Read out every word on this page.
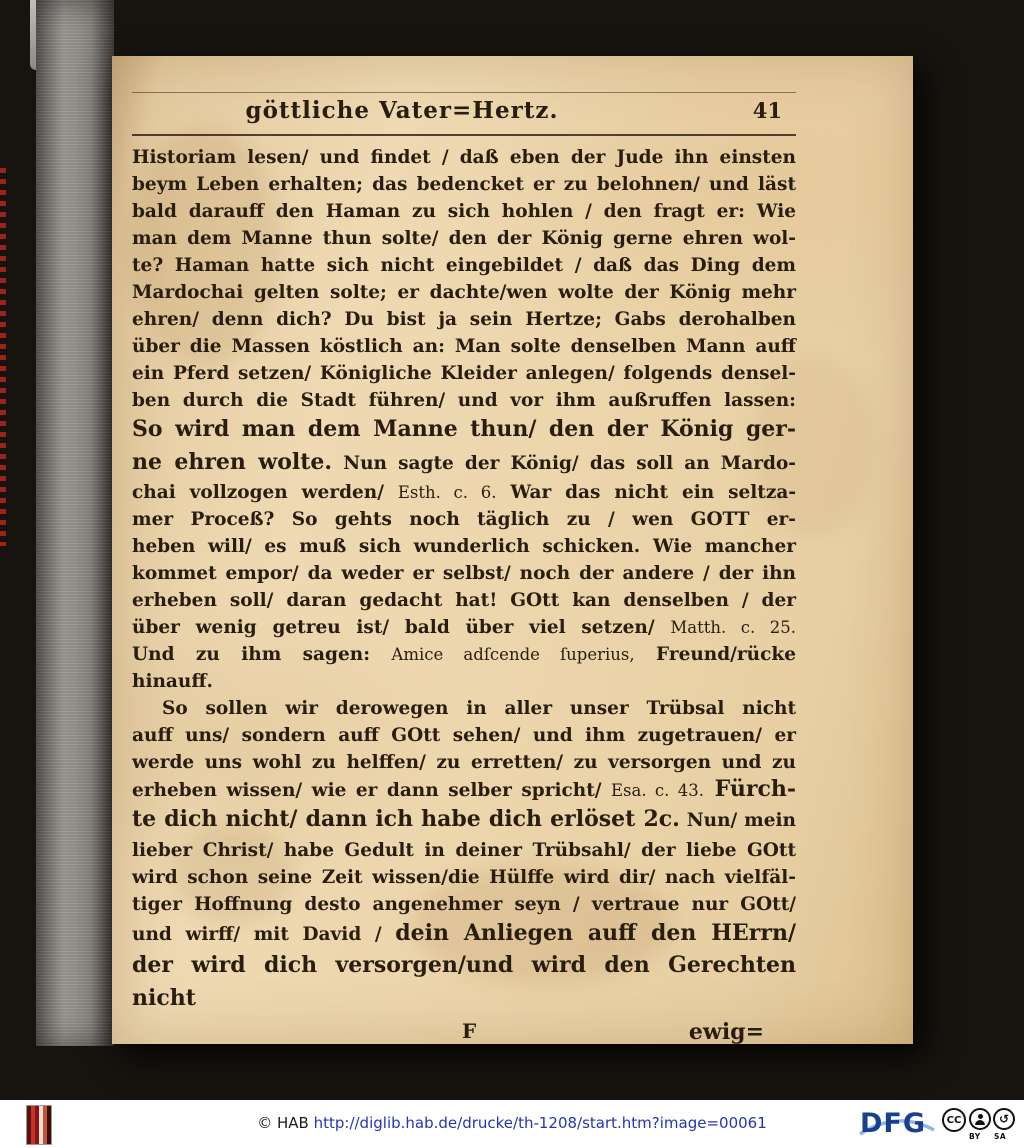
göttliche Vater=Hertz.	41
Historiam lesen/ und findet / daß eben der Jude ihn einsten
beym Leben erhalten; das bedencket er zu belohnen/ und läst
bald darauff den Haman zu sich hohlen / den fragt er: Wie
man dem Manne thun solte/ den der König gerne ehren wol-
te? Haman hatte sich nicht eingebildet / daß das Ding dem
Mardochai gelten solte; er dachte/wen wolte der König mehr
ehren/ denn dich? Du bist ja sein Hertze; Gabs derohalben
über die Massen köstlich an: Man solte denselben Mann auff
ein Pferd setzen/ Königliche Kleider anlegen/ folgends densel-
ben durch die Stadt führen/ und vor ihm außruffen lassen:
So wird man dem Manne thun/ den der König ger-
ne ehren wolte. Nun sagte der König/ das soll an Mardo-
chai vollzogen werden/ Esth. c. 6. War das nicht ein seltza-
mer Proceß? So gehts noch täglich zu / wen GOTT er-
heben will/ es muß sich wunderlich schicken. Wie mancher
kommet empor/ da weder er selbst/ noch der andere / der ihn
erheben soll/ daran gedacht hat! GOtt kan denselben / der
über wenig getreu ist/ bald über viel setzen/ Matth. c. 25.
Und zu ihm sagen: Amice adſcende ſuperius, Freund/rücke
hinauff.
So sollen wir derowegen in aller unser Trübsal nicht
auff uns/ sondern auff GOtt sehen/ und ihm zugetrauen/ er
werde uns wohl zu helffen/ zu erretten/ zu versorgen und zu
erheben wissen/ wie er dann selber spricht/ Esa. c. 43. Fürch-
te dich nicht/ dann ich habe dich erlöset 2c. Nun/ mein
lieber Christ/ habe Gedult in deiner Trübsahl/ der liebe GOtt
wird schon seine Zeit wissen/die Hülffe wird dir/ nach vielfäl-
tiger Hoffnung desto angenehmer seyn / vertraue nur GOtt/
und wirff/ mit David / dein Anliegen auff den HErrn/
der wird dich versorgen/und wird den Gerechten nicht
F	ewig=
© HAB http://diglib.hab.de/drucke/th-1208/start.htm?image=00061	DFG CC	↺
BY SA
